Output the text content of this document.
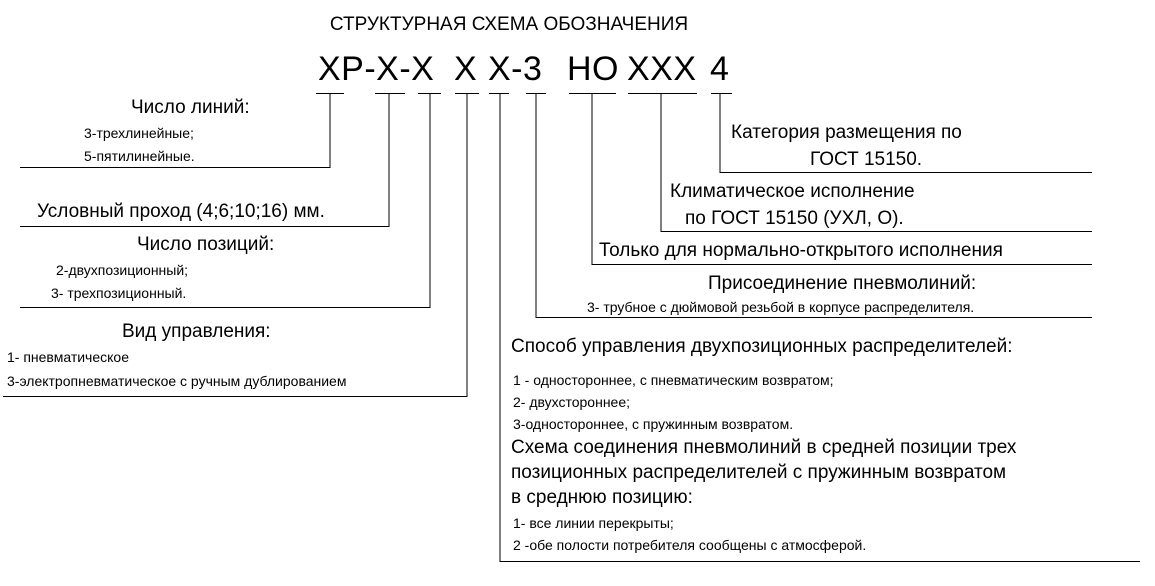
СТРУКТУРНАЯ СХЕМА ОБОЗНАЧЕНИЯ
ХР-Х-Х Х Х-3 НО ХХХ 4
Число линий:
3-трехлинейные;
5-пятилинейные.
Условный проход (4;6;10;16) мм.
Число позиций:
2-двухпозиционный;
3- трехпозиционный.
Вид управления:
1- пневматическое
3-электропневматическое с ручным дублированием
Категория размещения по
ГОСТ 15150.
Климатическое исполнение
по ГОСТ 15150 (УХЛ, О).
Только для нормально-открытого исполнения
Присоединение пневмолиний:
3- трубное с дюймовой резьбой в корпусе распределителя.
Способ управления двухпозиционных распределителей:
1 - одностороннее, с пневматическим возвратом;
2- двухстороннее;
3-одностороннее, с пружинным возвратом.
Схема соединения пневмолиний в средней позиции трех
позиционных распределителей с пружинным возвратом
в среднюю позицию:
1- все линии перекрыты;
2 -обе полости потребителя сообщены с атмосферой.
